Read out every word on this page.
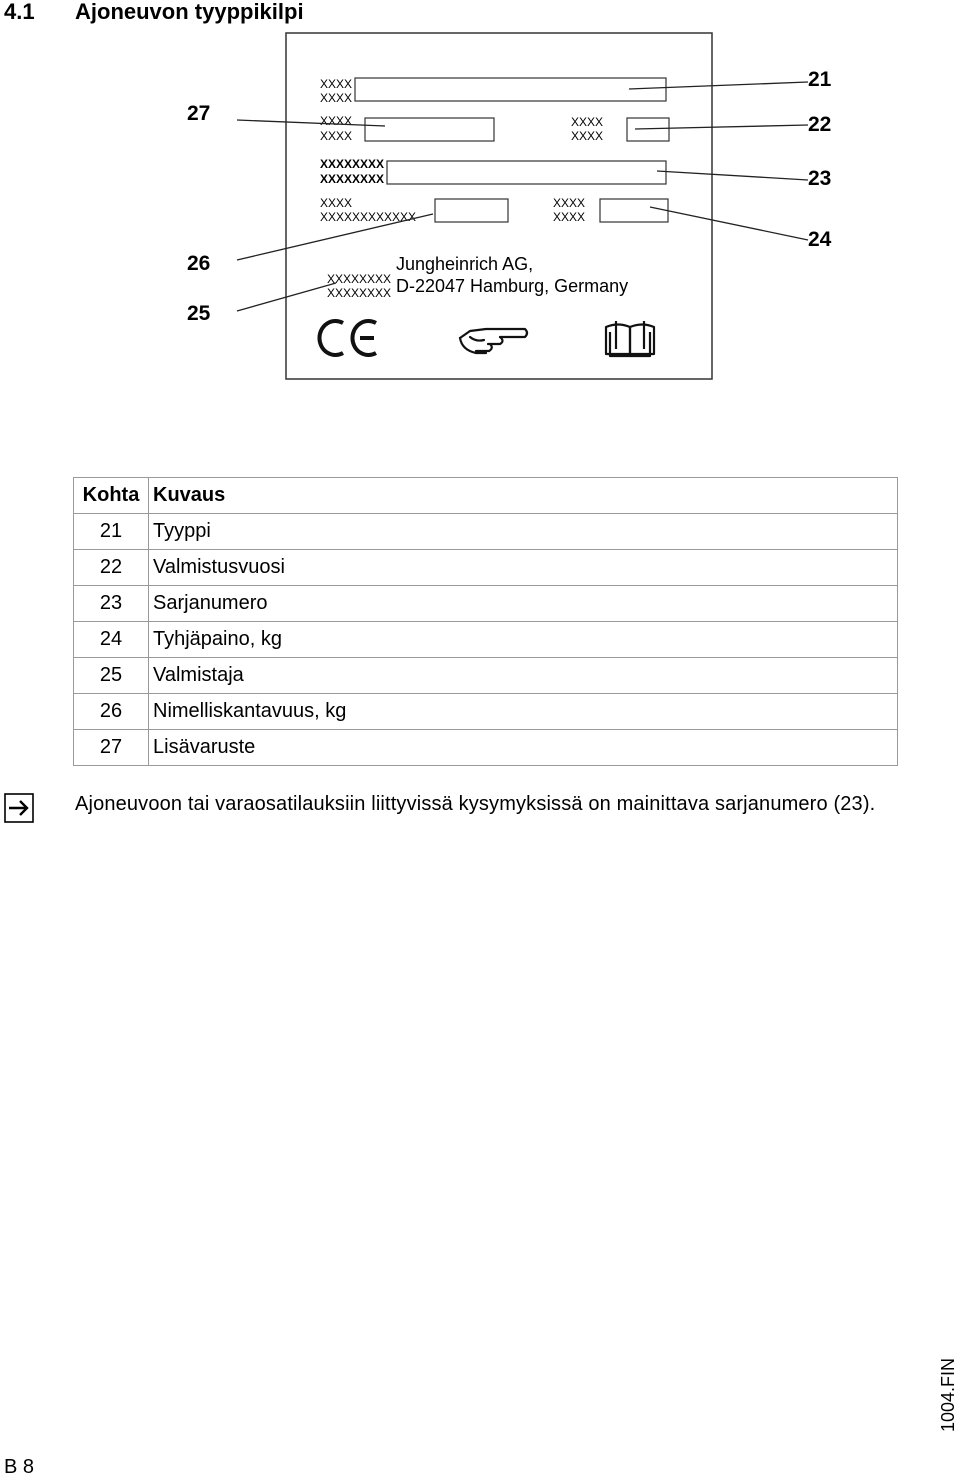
4.1 Ajoneuvon tyyppikilpi
XXXX
XXXX
XXXX
XXXX
XXXX
XXXX
XXXXXXXX
XXXXXXXX
XXXX
XXXXXXXXXXXX
XXXX
XXXX
XXXXXXXX
XXXXXXXX
Jungheinrich AG,
D-22047 Hamburg, Germany
21
22
23
24
27
26
25
Kohta	Kuvaus
21	Tyyppi
22	Valmistusvuosi
23	Sarjanumero
24	Tyhjäpaino, kg
25	Valmistaja
26	Nimelliskantavuus, kg
27	Lisävaruste
Ajoneuvoon tai varaosatilauksiin liittyvissä kysymyksissä on mainittava sarjanumero (23).
B 8
1004.FIN
